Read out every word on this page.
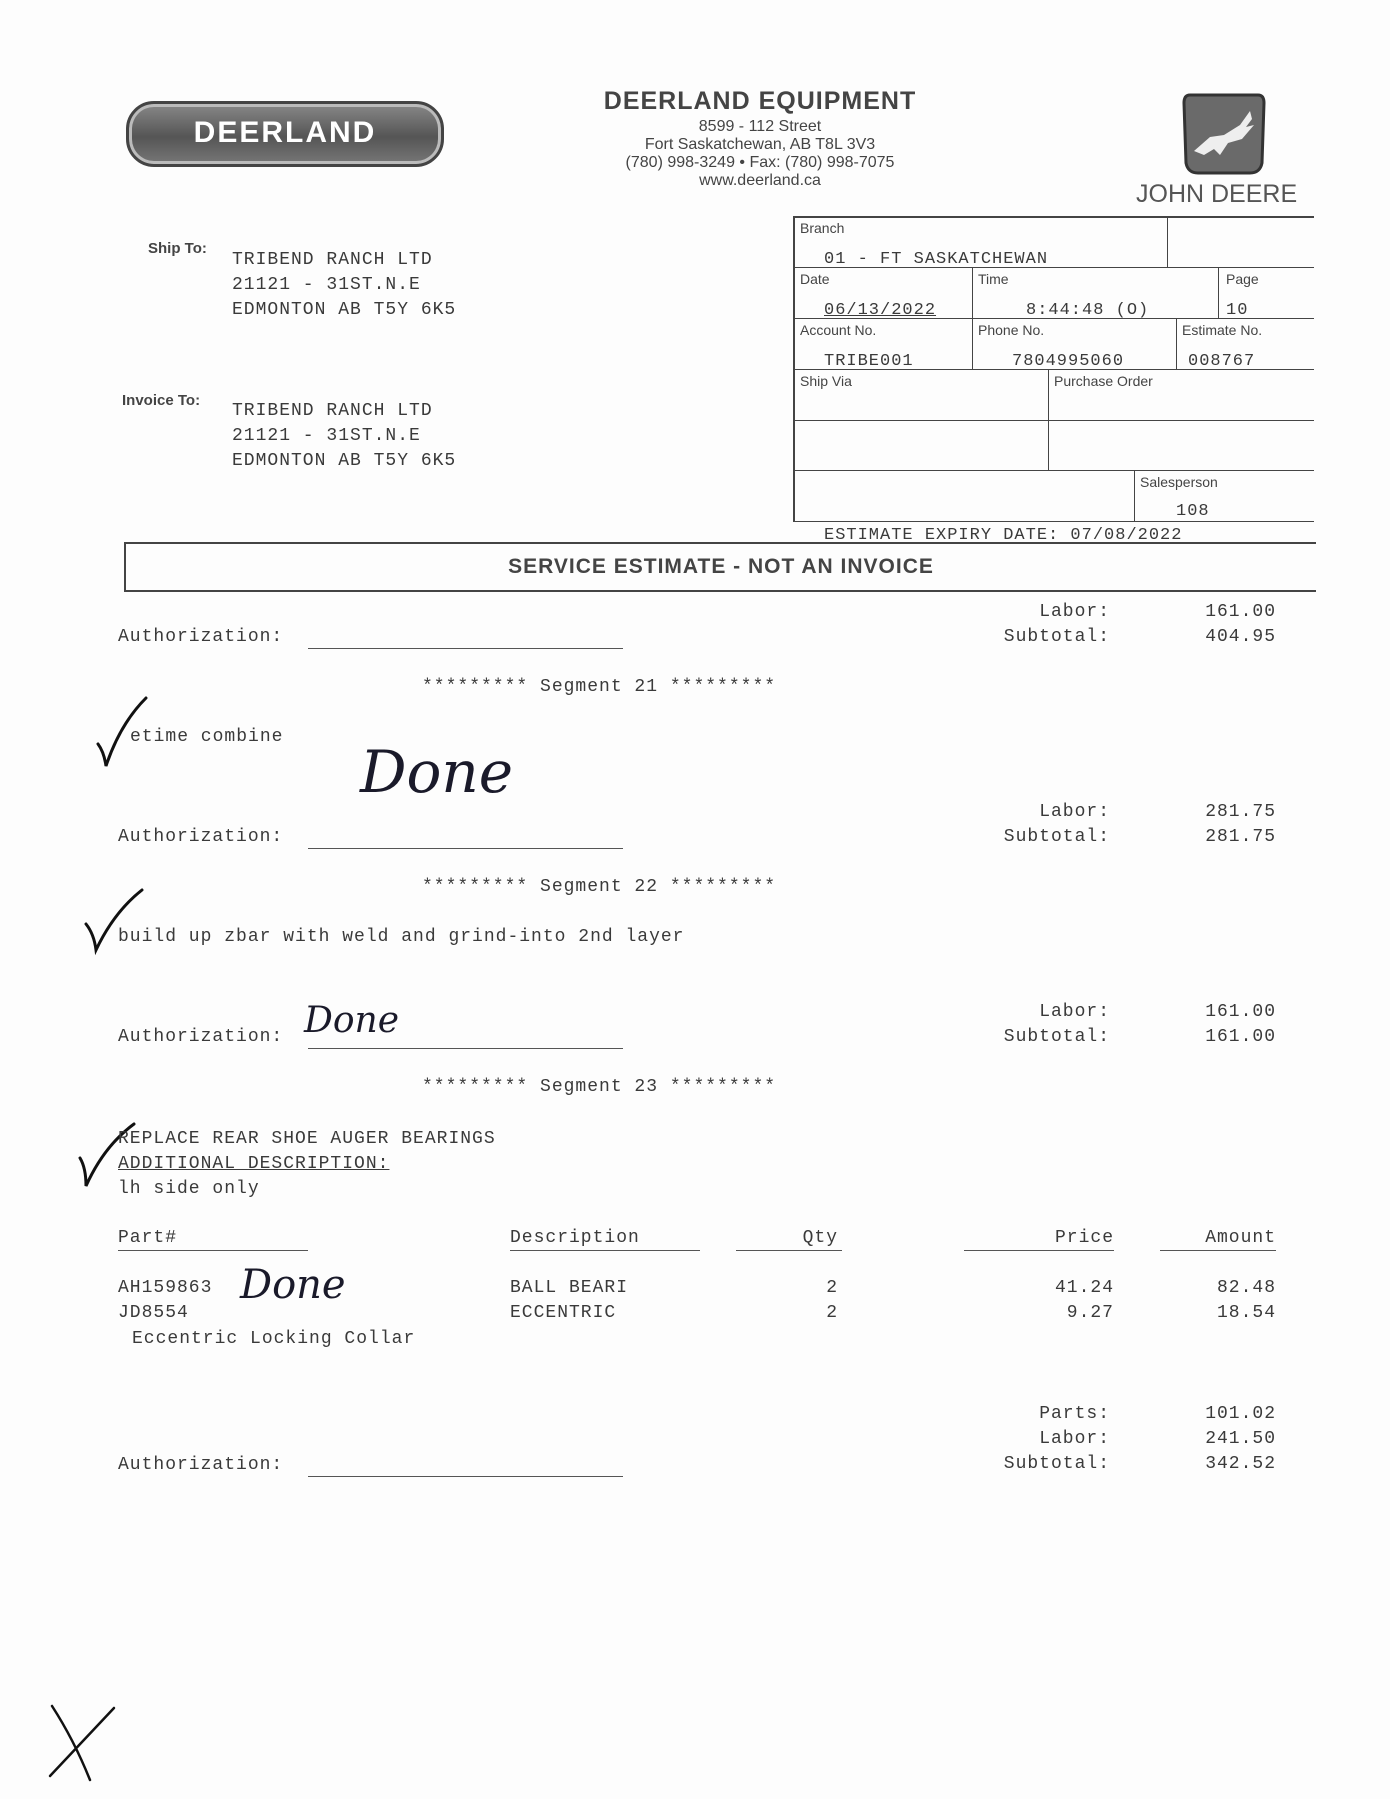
DEERLAND
DEERLAND EQUIPMENT
8599 - 112 Street
Fort Saskatchewan, AB T8L 3V3
(780) 998-3249 • Fax: (780) 998-7075
www.deerland.ca	JOHN DEERE
Ship To:
TRIBEND RANCH LTD
21121 - 31ST.N.E
EDMONTON AB T5Y 6K5
Invoice To:
TRIBEND RANCH LTD
21121 - 31ST.N.E
EDMONTON AB T5Y 6K5
Branch
01 - FT SASKATCHEWAN
Date
06/13/2022
Time
8:44:48 (O)
Page
10
Account No.
TRIBE001
Phone No.
7804995060
Estimate No.
008767
Ship Via	Purchase Order
Salesperson
108
ESTIMATE EXPIRY DATE: 07/08/2022
SERVICE ESTIMATE - NOT AN INVOICE
Authorization:
Labor:	161.00
Subtotal:	404.95
********* Segment 21 *********
etime combine
Done
Authorization:
Labor:	281.75
Subtotal:	281.75
********* Segment 22 *********
build up zbar with weld and grind-into 2nd layer
Done
Authorization:
Labor:	161.00
Subtotal:	161.00
********* Segment 23 *********
REPLACE REAR SHOE AUGER BEARINGS
ADDITIONAL DESCRIPTION:
lh side only
Part#	Description	Qty	Price	Amount
AH159863	BALL BEARI	2	41.24	82.48
JD8554	ECCENTRIC	2	9.27	18.54
Eccentric Locking Collar
Done
Authorization:
Parts:	101.02
Labor:	241.50
Subtotal:	342.52
